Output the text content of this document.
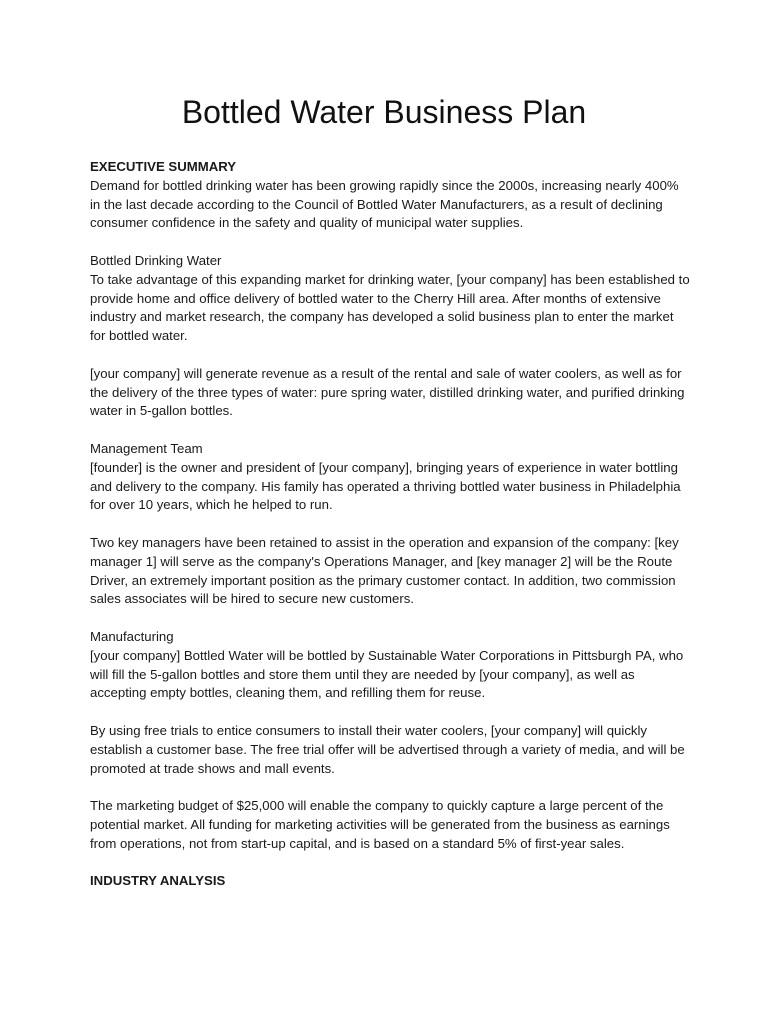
Bottled Water Business Plan

EXECUTIVE SUMMARY

Demand for bottled drinking water has been growing rapidly since the 2000s, increasing nearly 400% in the last decade according to the Council of Bottled Water Manufacturers, as a result of declining consumer confidence in the safety and quality of municipal water supplies.

Bottled Drinking Water

To take advantage of this expanding market for drinking water, [your company] has been established to provide home and office delivery of bottled water to the Cherry Hill area. After months of extensive industry and market research, the company has developed a solid business plan to enter the market for bottled water.

[your company] will generate revenue as a result of the rental and sale of water coolers, as well as for the delivery of the three types of water: pure spring water, distilled drinking water, and purified drinking water in 5-gallon bottles.

Management Team

[founder] is the owner and president of [your company], bringing years of experience in water bottling and delivery to the company. His family has operated a thriving bottled water business in Philadelphia for over 10 years, which he helped to run.

Two key managers have been retained to assist in the operation and expansion of the company: [key manager 1] will serve as the company's Operations Manager, and [key manager 2] will be the Route Driver, an extremely important position as the primary customer contact. In addition, two commission sales associates will be hired to secure new customers.

Manufacturing

[your company] Bottled Water will be bottled by Sustainable Water Corporations in Pittsburgh PA, who will fill the 5-gallon bottles and store them until they are needed by [your company], as well as accepting empty bottles, cleaning them, and refilling them for reuse.

By using free trials to entice consumers to install their water coolers, [your company] will quickly establish a customer base. The free trial offer will be advertised through a variety of media, and will be promoted at trade shows and mall events.

The marketing budget of $25,000 will enable the company to quickly capture a large percent of the potential market. All funding for marketing activities will be generated from the business as earnings from operations, not from start-up capital, and is based on a standard 5% of first-year sales.

INDUSTRY ANALYSIS
